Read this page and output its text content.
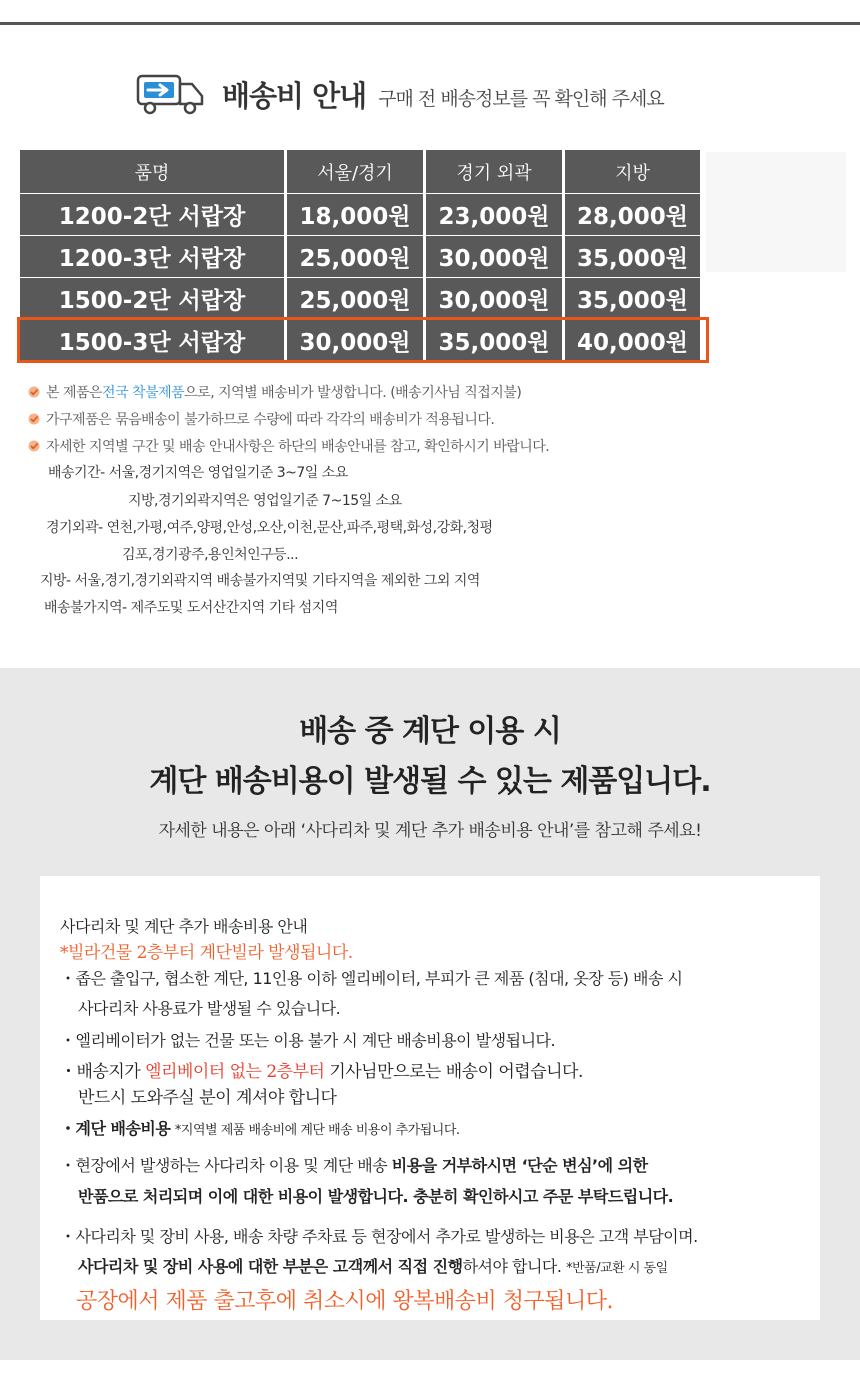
배송비 안내 구매 전 배송정보를 꼭 확인해 주세요
품명	서울/경기	경기 외곽	지방
1200-2단 서랍장	18,000원	23,000원	28,000원
1200-3단 서랍장	25,000원	30,000원	35,000원
1500-2단 서랍장	25,000원	30,000원	35,000원
1500-3단 서랍장	30,000원	35,000원	40,000원
본 제품은 전국 착불제품 으로, 지역별 배송비가 발생합니다. (배송기사님 직접지불)
가구제품은 묶음배송이 불가하므로 수량에 따라 각각의 배송비가 적용됩니다.
자세한 지역별 구간 및 배송 안내사항은 하단의 배송안내를 참고, 확인하시기 바랍니다.
배송기간- 서울,경기지역은 영업일기준 3~7일 소요
지방,경기외곽지역은 영업일기준 7~15일 소요
경기외곽- 연천,가평,여주,양평,안성,오산,이천,문산,파주,평택,화성,강화,청평
김포,경기광주,용인처인구등...
지방- 서울,경기,경기외곽지역 배송불가지역및 기타지역을 제외한 그외 지역
배송불가지역- 제주도및 도서산간지역 기타 섬지역
배송 중 계단 이용 시
계단 배송비용이 발생될 수 있는 제품입니다.
자세한 내용은 아래 ‘사다리차 및 계단 추가 배송비용 안내’를 참고해 주세요!
사다리차 및 계단 추가 배송비용 안내
*빌라건물 2층부터 계단빌라 발생됩니다.
・좁은 출입구, 협소한 계단, 11인용 이하 엘리베이터, 부피가 큰 제품 (침대, 옷장 등) 배송 시
사다리차 사용료가 발생될 수 있습니다.
・엘리베이터가 없는 건물 또는 이용 불가 시 계단 배송비용이 발생됩니다.
・배송지가 엘리베이터 없는 2층부터 기사님만으로는 배송이 어렵습니다.
반드시 도와주실 분이 계셔야 합니다
・계단 배송비용 *지역별 제품 배송비에 계단 배송 비용이 추가됩니다.
・현장에서 발생하는 사다리차 이용 및 계단 배송 비용을 거부하시면 ‘단순 변심’에 의한
반품으로 처리되며 이에 대한 비용이 발생합니다. 충분히 확인하시고 주문 부탁드립니다.
・사다리차 및 장비 사용, 배송 차량 주차료 등 현장에서 추가로 발생하는 비용은 고객 부담이며.
사다리차 및 장비 사용에 대한 부분은 고객께서 직접 진행하셔야 합니다. *반품/교환 시 동일
공장에서 제품 출고후에 취소시에 왕복배송비 청구됩니다.
